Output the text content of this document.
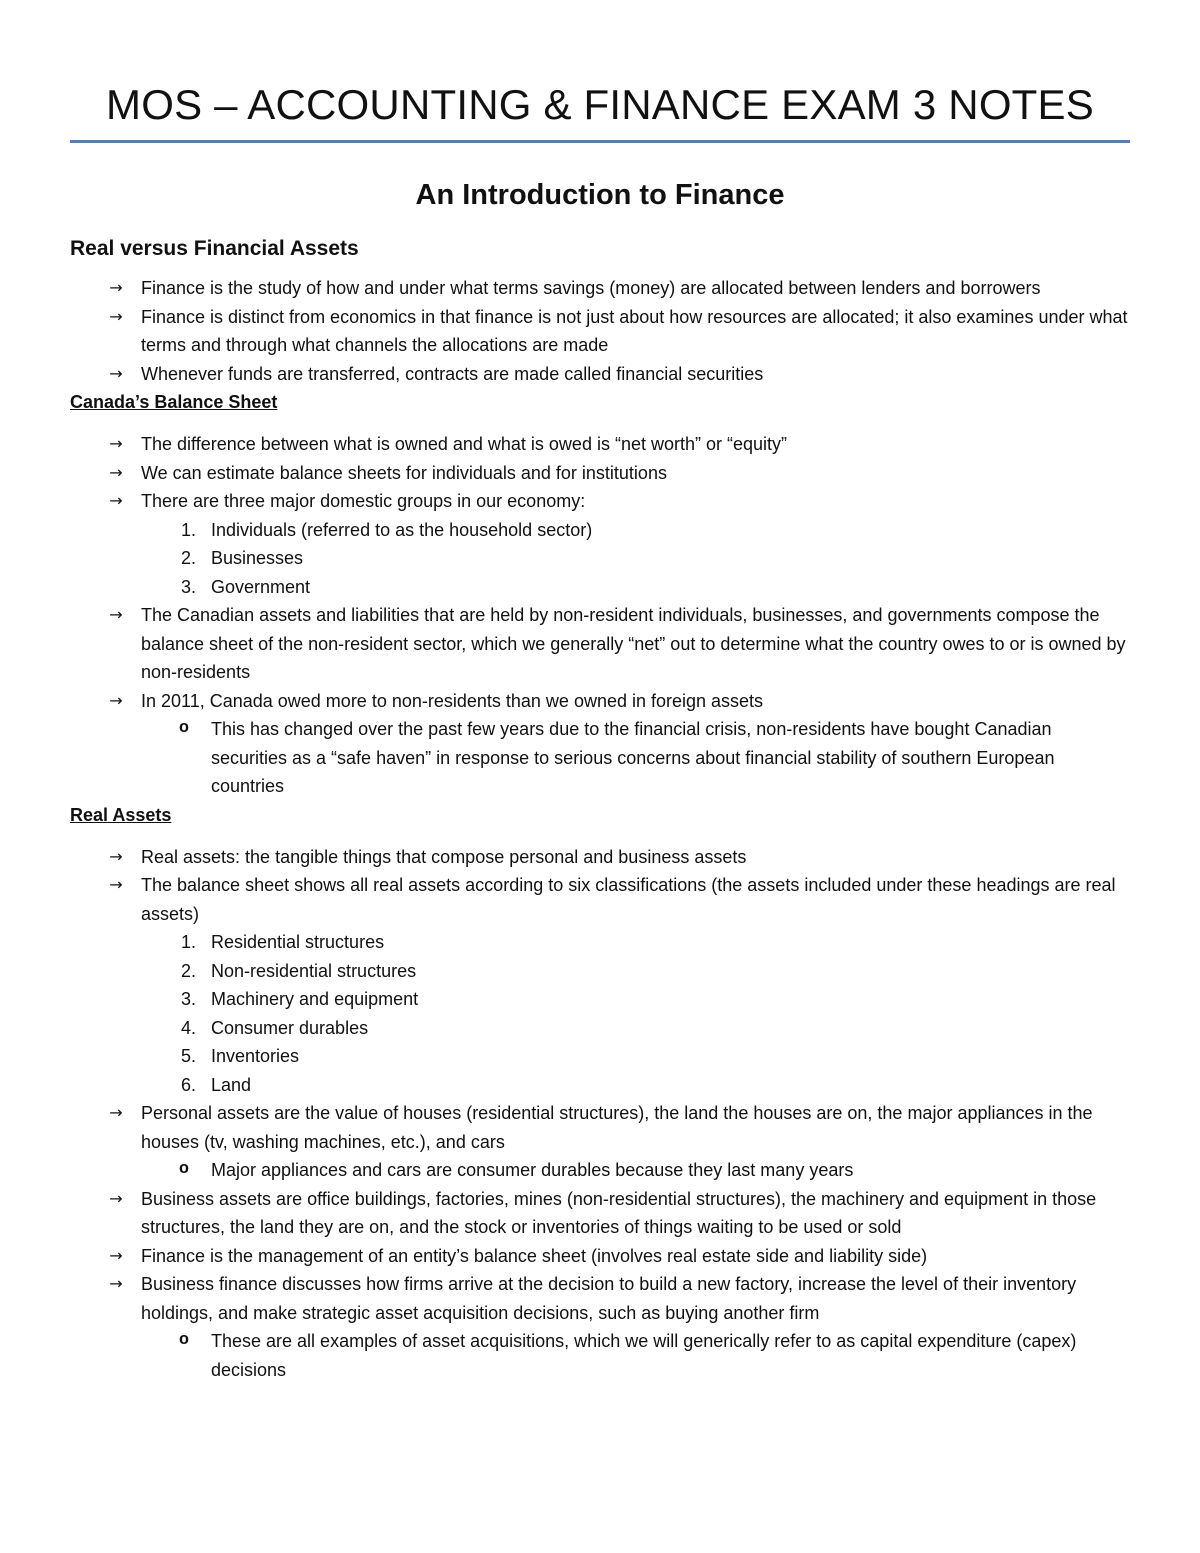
MOS – ACCOUNTING & FINANCE EXAM 3 NOTES
An Introduction to Finance
Real versus Financial Assets
→ Finance is the study of how and under what terms savings (money) are allocated between lenders and borrowers
→ Finance is distinct from economics in that finance is not just about how resources are allocated; it also examines under what terms and through what channels the allocations are made
→ Whenever funds are transferred, contracts are made called financial securities
Canada’s Balance Sheet
→ The difference between what is owned and what is owed is “net worth” or “equity”
→ We can estimate balance sheets for individuals and for institutions
→ There are three major domestic groups in our economy:
1. Individuals (referred to as the household sector)
2. Businesses
3. Government
→ The Canadian assets and liabilities that are held by non-resident individuals, businesses, and governments compose the balance sheet of the non-resident sector, which we generally “net” out to determine what the country owes to or is owned by non-residents
→ In 2011, Canada owed more to non-residents than we owned in foreign assets
o This has changed over the past few years due to the financial crisis, non-residents have bought Canadian securities as a “safe haven” in response to serious concerns about financial stability of southern European countries
Real Assets
→ Real assets: the tangible things that compose personal and business assets
→ The balance sheet shows all real assets according to six classifications (the assets included under these headings are real assets)
1. Residential structures
2. Non-residential structures
3. Machinery and equipment
4. Consumer durables
5. Inventories
6. Land
→ Personal assets are the value of houses (residential structures), the land the houses are on, the major appliances in the houses (tv, washing machines, etc.), and cars
o Major appliances and cars are consumer durables because they last many years
→ Business assets are office buildings, factories, mines (non-residential structures), the machinery and equipment in those structures, the land they are on, and the stock or inventories of things waiting to be used or sold
→ Finance is the management of an entity’s balance sheet (involves real estate side and liability side)
→ Business finance discusses how firms arrive at the decision to build a new factory, increase the level of their inventory holdings, and make strategic asset acquisition decisions, such as buying another firm
o These are all examples of asset acquisitions, which we will generically refer to as capital expenditure (capex) decisions
